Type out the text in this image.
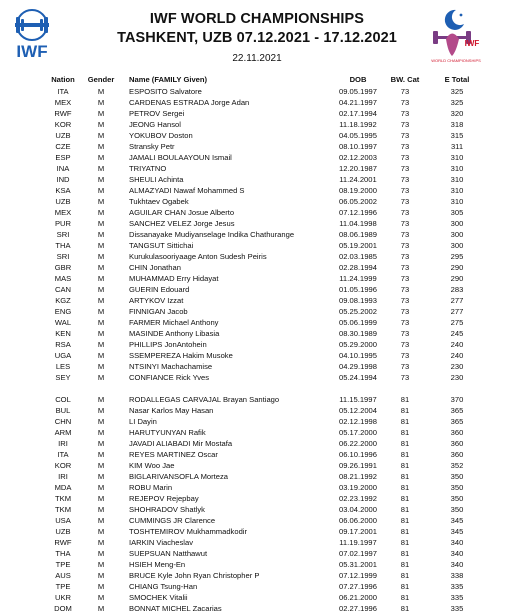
IWF	IWF
WORLD CHAMPIONSHIPS
IWF WORLD CHAMPIONSHIPS
TASHKENT, UZB 07.12.2021 - 17.12.2021
22.11.2021
Nation Gender Name (FAMILY Given)	DOB	BW. Cat	E Total
ITA	M	ESPOSITO Salvatore	09.05.1997	73	325
MEX	M	CARDENAS ESTRADA Jorge Adan	04.21.1997	73	325
RWF	M	PETROV Sergei	02.17.1994	73	320
KOR	M	JEONG Hansol	11.18.1992	73	318
UZB	M	YOKUBOV Doston	04.05.1995	73	315
CZE	M	Stransky Petr	08.10.1997	73	311
ESP	M	JAMALI BOULAAYOUN Ismail	02.12.2003	73	310
INA	M	TRIYATNO	12.20.1987	73	310
IND	M	SHEULI Achinta	11.24.2001	73	310
KSA	M	ALMAZYADI Nawaf Mohammed S	08.19.2000	73	310
UZB	M	Tukhtaev Ogabek	06.05.2002	73	310
MEX	M	AGUILAR CHAN Josue Alberto	07.12.1996	73	305
PUR	M	SANCHEZ VELEZ Jorge Jesus	11.04.1998	73	300
SRI	M	Dissanayake Mudiyanselage Indika Chathurange	08.06.1989	73	300
THA	M	TANGSUT Sittichai	05.19.2001	73	300
SRI	M	Kurukulasooriyaage Anton Sudesh Peiris	02.03.1985	73	295
GBR	M	CHIN Jonathan	02.28.1994	73	290
MAS	M	MUHAMMAD Erry Hidayat	11.24.1999	73	290
CAN	M	GUERIN Edouard	01.05.1996	73	283
KGZ	M	ARTYKOV Izzat	09.08.1993	73	277
ENG	M	FINNIGAN Jacob	05.25.2002	73	277
WAL	M	FARMER Michael Anthony	05.06.1999	73	275
KEN	M	MASINDE Anthony Libasia	08.30.1989	73	245
RSA	M	PHILLIPS JonAntohein	05.29.2000	73	240
UGA	M	SSEMPEREZA Hakim Musoke	04.10.1995	73	240
LES	M	NTSINYI Machachamise	04.29.1998	73	230
SEY	M	CONFIANCE Rick Yves	05.24.1994	73	230
COL	M	RODALLEGAS CARVAJAL Brayan Santiago	11.15.1997	81	370
BUL	M	Nasar Karlos May Hasan	05.12.2004	81	365
CHN	M	LI Dayin	02.12.1998	81	365
ARM	M	HARUTYUNYAN Rafik	05.17.2000	81	360
IRI	M	JAVADI ALIABADI Mir Mostafa	06.22.2000	81	360
ITA	M	REYES MARTINEZ Oscar	06.10.1996	81	360
KOR	M	KIM Woo Jae	09.26.1991	81	352
IRI	M	BIGLARIVANSOFLA Morteza	08.21.1992	81	350
MDA	M	ROBU Marin	03.19.2000	81	350
TKM	M	REJEPOV Rejepbay	02.23.1992	81	350
TKM	M	SHOHRADOV Shatlyk	03.04.2000	81	350
USA	M	CUMMINGS JR Clarence	06.06.2000	81	345
UZB	M	TOSHTEMIROV Mukhammadkodir	09.17.2001	81	345
RWF	M	IARKIN Viacheslav	11.19.1997	81	340
THA	M	SUEPSUAN Natthawut	07.02.1997	81	340
TPE	M	HSIEH Meng-En	05.31.2001	81	340
AUS	M	BRUCE Kyle John Ryan Christopher P	07.12.1999	81	338
TPE	M	CHIANG Tsung-Han	07.27.1996	81	335
UKR	M	SMOCHEK Vitalii	06.21.2000	81	335
DOM	M	BONNAT MICHEL Zacarias	02.27.1996	81	335
